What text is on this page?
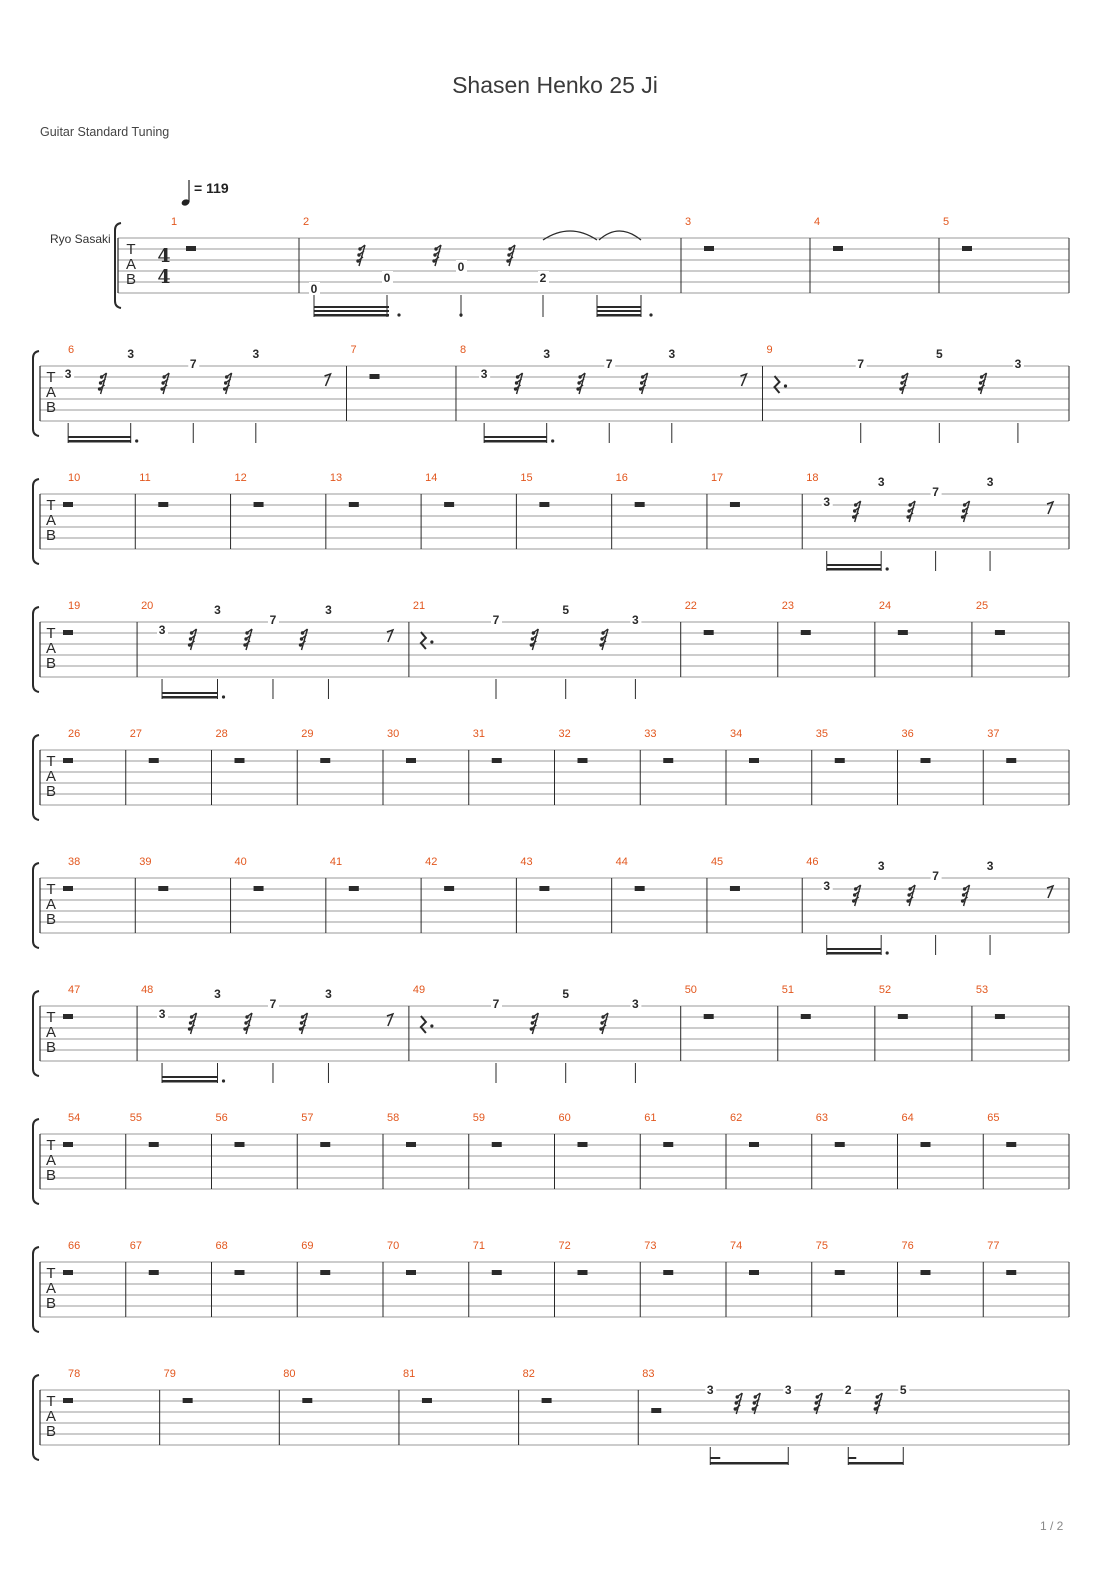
Shasen Henko 25 Ji
Guitar Standard Tuning
= 119
Ryo Sasaki
1 / 2
T
A
B
4
4
1	2
0
0
0
2
3	4	5
T
A
B
6
3
3
7
3	7	8
3
3
7
3	9
7
5
3
T
A
B
10	11	12	13	14	15	16	17	18
3
3
7
3
T
A
B
19	20
3
3
7
3	21
7
5
3
22	23	24	25
T
A
B
26	27	28	29	30	31	32	33	34	35	36	37
T
A
B
38	39	40	41	42	43	44	45	46
3
3
7
3
T
A
B
47	48
3
3
7
3	49
7
5
3
50	51	52	53
T
A
B
54	55	56	57	58	59	60	61	62	63	64	65
T
A
B
66	67	68	69	70	71	72	73	74	75	76	77
T
A
B
78	79	80	81	82	83
3	3	2	5
